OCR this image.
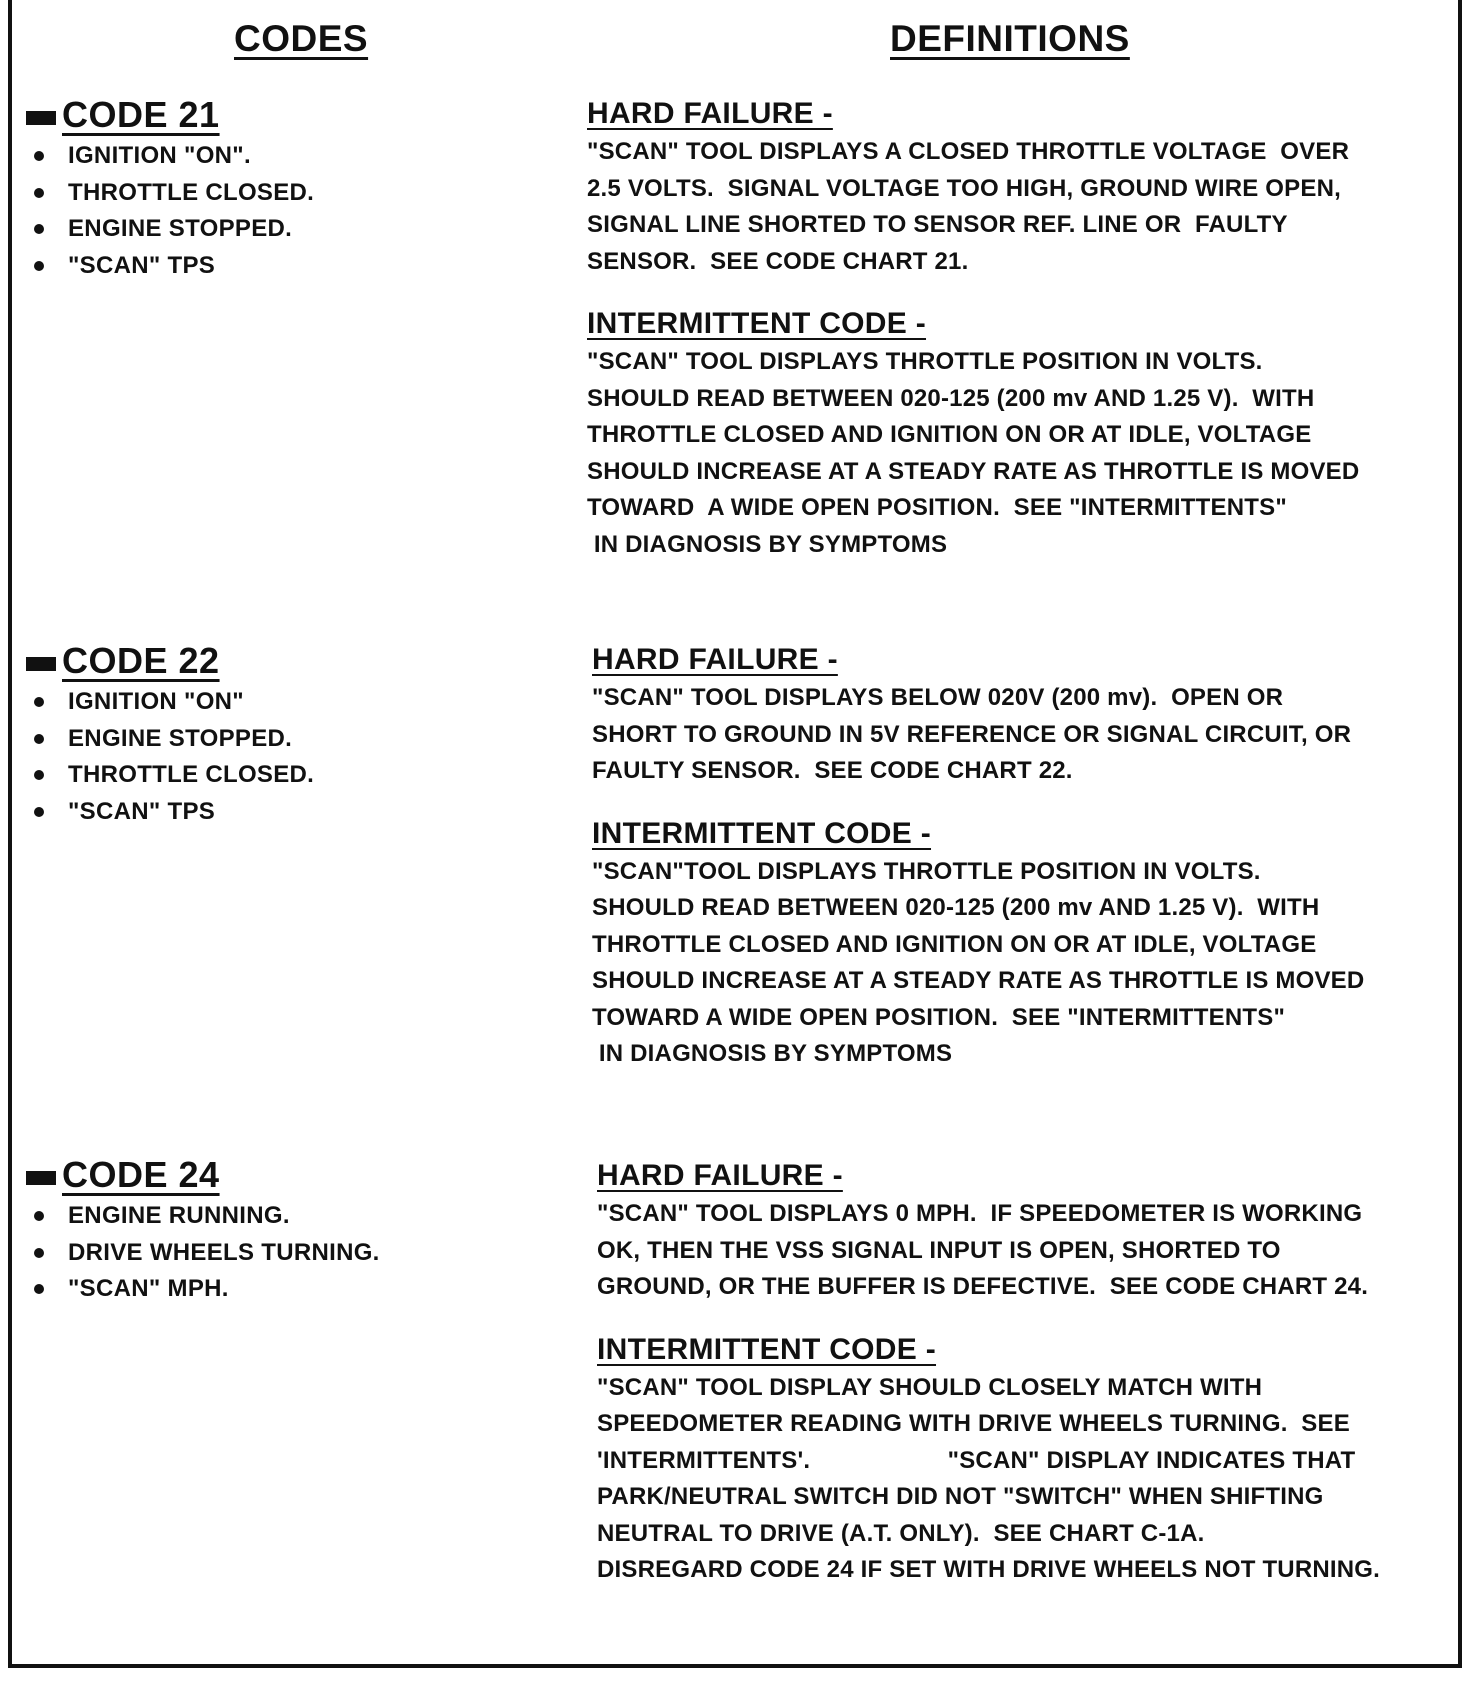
CODES	DEFINITIONS
CODE 21
IGNITION "ON".
THROTTLE CLOSED.
ENGINE STOPPED.
"SCAN" TPS
HARD FAILURE -
"SCAN" TOOL DISPLAYS A CLOSED THROTTLE VOLTAGE  OVER
2.5 VOLTS.  SIGNAL VOLTAGE TOO HIGH, GROUND WIRE OPEN,
SIGNAL LINE SHORTED TO SENSOR REF. LINE OR  FAULTY
SENSOR.  SEE CODE CHART 21.
INTERMITTENT CODE -
"SCAN" TOOL DISPLAYS THROTTLE POSITION IN VOLTS.
SHOULD READ BETWEEN 020-125 (200 mv AND 1.25 V).  WITH
THROTTLE CLOSED AND IGNITION ON OR AT IDLE, VOLTAGE
SHOULD INCREASE AT A STEADY RATE AS THROTTLE IS MOVED
TOWARD  A WIDE OPEN POSITION.  SEE "INTERMITTENTS"
IN DIAGNOSIS BY SYMPTOMS
CODE 22
IGNITION "ON"
ENGINE STOPPED.
THROTTLE CLOSED.
"SCAN" TPS
HARD FAILURE -
"SCAN" TOOL DISPLAYS BELOW 020V (200 mv).  OPEN OR
SHORT TO GROUND IN 5V REFERENCE OR SIGNAL CIRCUIT, OR
FAULTY SENSOR.  SEE CODE CHART 22.
INTERMITTENT CODE -
"SCAN"TOOL DISPLAYS THROTTLE POSITION IN VOLTS.
SHOULD READ BETWEEN 020-125 (200 mv AND 1.25 V).  WITH
THROTTLE CLOSED AND IGNITION ON OR AT IDLE, VOLTAGE
SHOULD INCREASE AT A STEADY RATE AS THROTTLE IS MOVED
TOWARD A WIDE OPEN POSITION.  SEE "INTERMITTENTS"
IN DIAGNOSIS BY SYMPTOMS
CODE 24
ENGINE RUNNING.
DRIVE WHEELS TURNING.
"SCAN" MPH.
HARD FAILURE -
"SCAN" TOOL DISPLAYS 0 MPH.  IF SPEEDOMETER IS WORKING
OK, THEN THE VSS SIGNAL INPUT IS OPEN, SHORTED TO
GROUND, OR THE BUFFER IS DEFECTIVE.  SEE CODE CHART 24.
INTERMITTENT CODE -
"SCAN" TOOL DISPLAY SHOULD CLOSELY MATCH WITH
SPEEDOMETER READING WITH DRIVE WHEELS TURNING.  SEE
'INTERMITTENTS'.                    "SCAN" DISPLAY INDICATES THAT
PARK/NEUTRAL SWITCH DID NOT "SWITCH" WHEN SHIFTING
NEUTRAL TO DRIVE (A.T. ONLY).  SEE CHART C-1A.
DISREGARD CODE 24 IF SET WITH DRIVE WHEELS NOT TURNING.
